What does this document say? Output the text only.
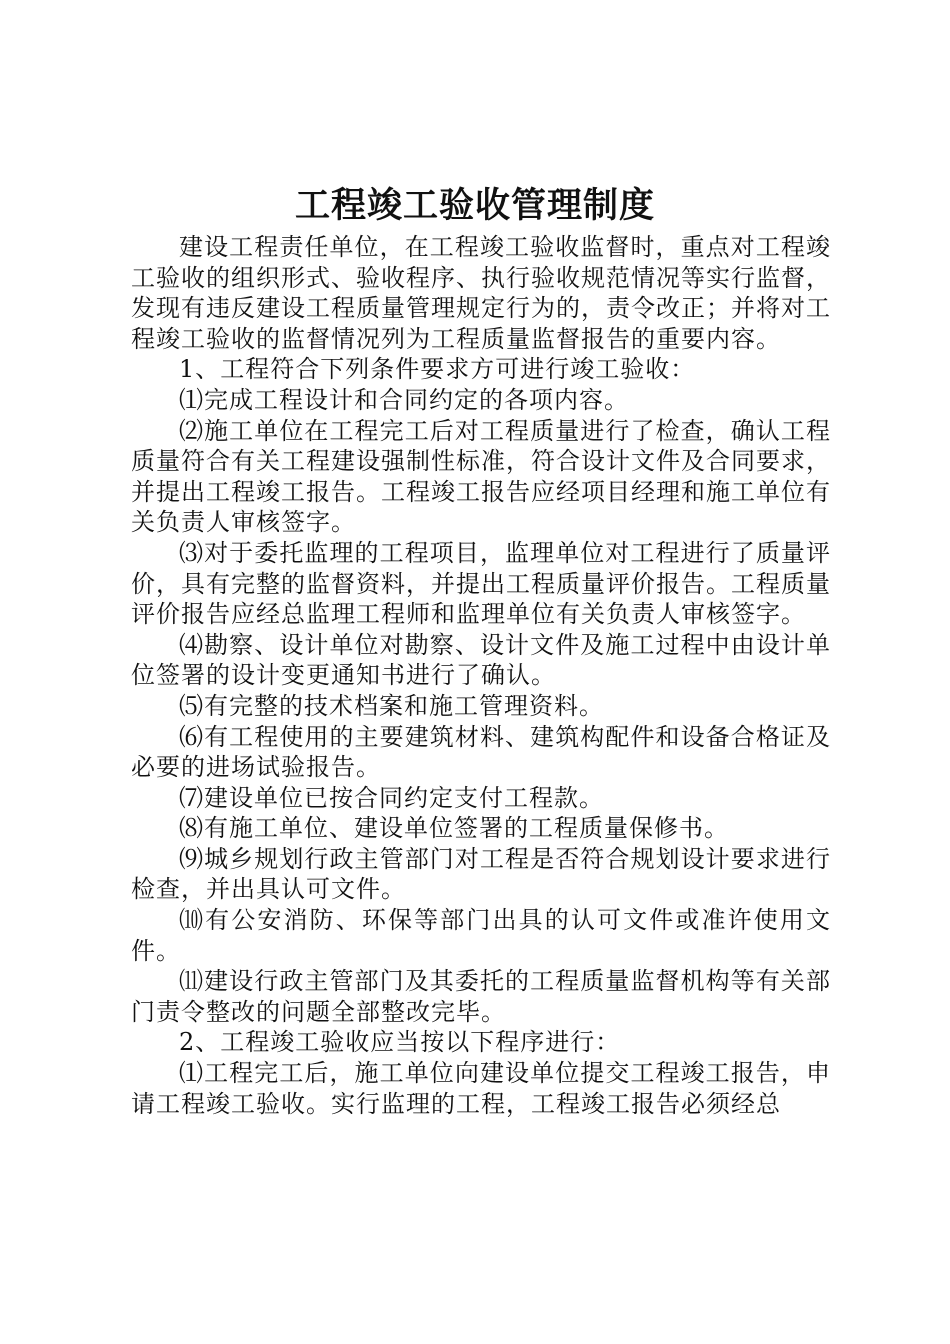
工程竣工验收管理制度

建设工程责任单位，在工程竣工验收监督时，重点对工程竣工验收的组织形式、验收程序、执行验收规范情况等实行监督，发现有违反建设工程质量管理规定行为的，责令改正；并将对工程竣工验收的监督情况列为工程质量监督报告的重要内容。

1、工程符合下列条件要求方可进行竣工验收：

⑴完成工程设计和合同约定的各项内容。

⑵施工单位在工程完工后对工程质量进行了检查，确认工程质量符合有关工程建设强制性标准，符合设计文件及合同要求，并提出工程竣工报告。工程竣工报告应经项目经理和施工单位有关负责人审核签字。

⑶对于委托监理的工程项目，监理单位对工程进行了质量评价，具有完整的监督资料，并提出工程质量评价报告。工程质量评价报告应经总监理工程师和监理单位有关负责人审核签字。

⑷勘察、设计单位对勘察、设计文件及施工过程中由设计单位签署的设计变更通知书进行了确认。

⑸有完整的技术档案和施工管理资料。

⑹有工程使用的主要建筑材料、建筑构配件和设备合格证及必要的进场试验报告。

⑺建设单位已按合同约定支付工程款。

⑻有施工单位、建设单位签署的工程质量保修书。

⑼城乡规划行政主管部门对工程是否符合规划设计要求进行检查，并出具认可文件。

⑽有公安消防、环保等部门出具的认可文件或准许使用文件。

⑾建设行政主管部门及其委托的工程质量监督机构等有关部门责令整改的问题全部整改完毕。

2、工程竣工验收应当按以下程序进行：

⑴工程完工后，施工单位向建设单位提交工程竣工报告，申请工程竣工验收。实行监理的工程，工程竣工报告必须经总
